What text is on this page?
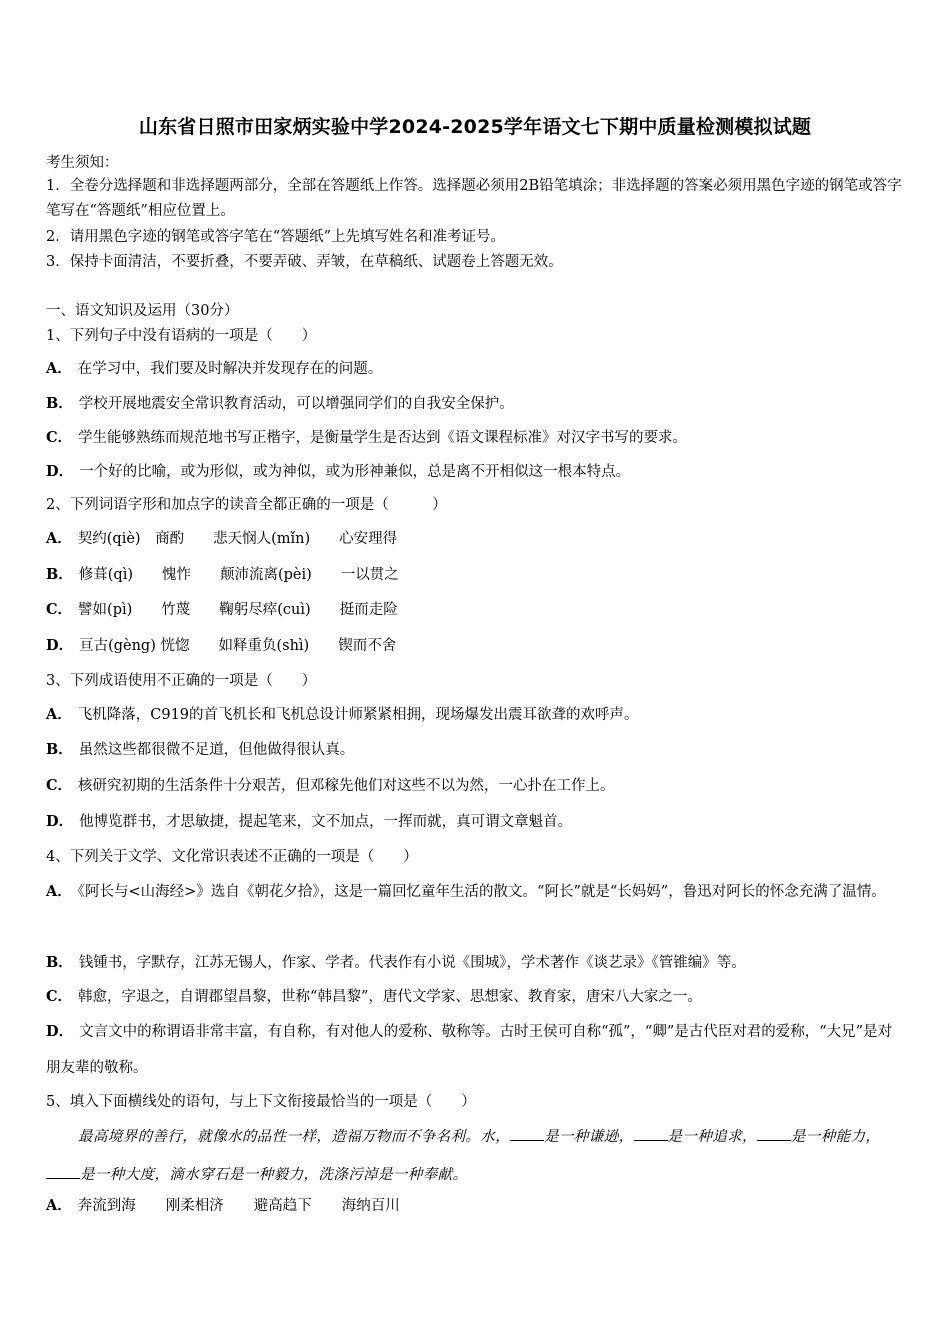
山东省日照市田家炳实验中学2024-2025学年语文七下期中质量检测模拟试题
考生须知：
1．全卷分选择题和非选择题两部分，全部在答题纸上作答。选择题必须用2B铅笔填涂；非选择题的答案必须用黑色字迹的钢笔或答字笔写在“答题纸”相应位置上。
2．请用黑色字迹的钢笔或答字笔在“答题纸”上先填写姓名和准考证号。
3．保持卡面清洁，不要折叠，不要弄破、弄皱，在草稿纸、试题卷上答题无效。
一、语文知识及运用（30分）
1、下列句子中没有语病的一项是（　　）
A． 在学习中，我们要及时解决并发现存在的问题。
B． 学校开展地震安全常识教育活动，可以增强同学们的自我安全保护。
C． 学生能够熟练而规范地书写正楷字，是衡量学生是否达到《语文课程标准》对汉字书写的要求。
D． 一个好的比喻，或为形似，或为神似，或为形神兼似，总是离不开相似这一根本特点。
2、下列词语字形和加点字的读音全都正确的一项是（　　　）
A． 契约(qiè)　商酌　　悲天悯人(mǐn)　　心安理得
B． 修葺(qì)　　愧怍　　颠沛流离(pèi)　　一以贯之
C． 譬如(pì)　　竹蔑　　鞠躬尽瘁(cuì)　　挺而走险
D． 亘古(gèng) 恍惚　　如释重负(shì)　　锲而不舍
3、下列成语使用不正确的一项是（　　）
A． 飞机降落，C919的首飞机长和飞机总设计师紧紧相拥，现场爆发出震耳欲聋的欢呼声。
B． 虽然这些都很微不足道，但他做得很认真。
C． 核研究初期的生活条件十分艰苦，但邓稼先他们对这些不以为然，一心扑在工作上。
D． 他博览群书，才思敏捷，提起笔来，文不加点，一挥而就，真可谓文章魁首。
4、下列关于文学、文化常识表述不正确的一项是（　　）
A． 《阿长与<山海经>》选自《朝花夕拾》，这是一篇回忆童年生活的散文。“阿长”就是“长妈妈”，鲁迅对阿长的怀念充满了温情。
B． 钱锺书，字默存，江苏无锡人，作家、学者。代表作有小说《围城》，学术著作《谈艺录》《管锥编》等。
C． 韩愈，字退之，自谓郡望昌黎，世称“韩昌黎”，唐代文学家、思想家、教育家，唐宋八大家之一。
D． 文言文中的称谓语非常丰富，有自称，有对他人的爱称、敬称等。古时王侯可自称“孤”，“卿”是古代臣对君的爱称，“大兄”是对朋友辈的敬称。
5、填入下面横线处的语句，与上下文衔接最恰当的一项是（　　）
最高境界的善行，就像水的品性一样，造福万物而不争名利。水， 是一种谦逊， 是一种追求， 是一种能力，是一种大度，滴水穿石是一种毅力，洗涤污淖是一种奉献。
A． 奔流到海 刚柔相济 避高趋下 海纳百川
